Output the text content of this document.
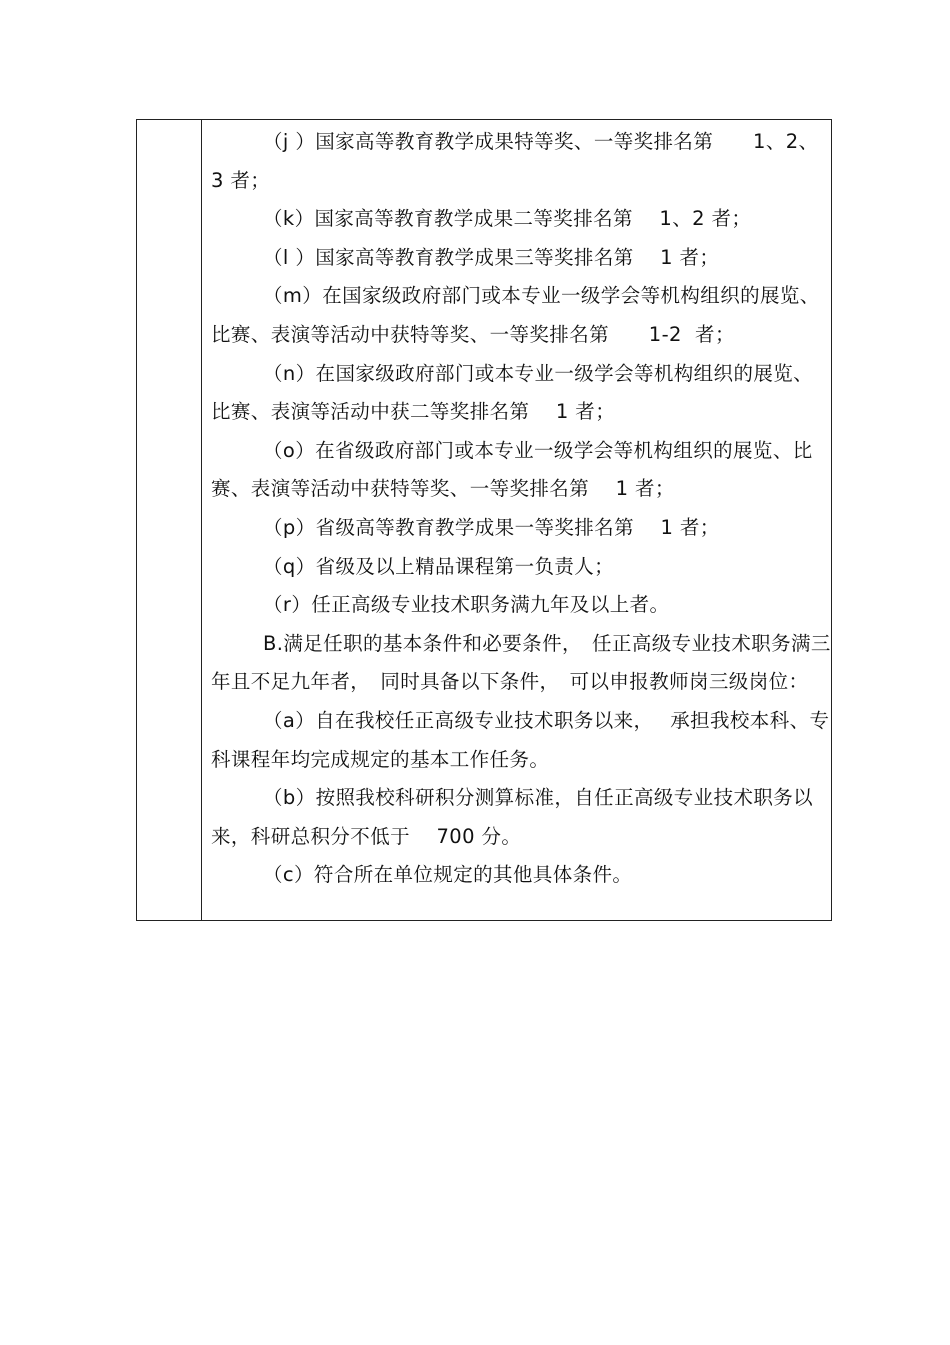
（j ）国家高等教育教学成果特等奖、一等奖排名第　　1、2、3 者；

（k）国家高等教育教学成果二等奖排名第　 1、2 者；

（l ）国家高等教育教学成果三等奖排名第　 1 者；

（m）在国家级政府部门或本专业一级学会等机构组织的展览、比赛、表演等活动中获特等奖、一等奖排名第　　1-2  者；

（n）在国家级政府部门或本专业一级学会等机构组织的展览、比赛、表演等活动中获二等奖排名第　 1 者；

（o）在省级政府部门或本专业一级学会等机构组织的展览、比赛、表演等活动中获特等奖、一等奖排名第　 1 者；

（p）省级高等教育教学成果一等奖排名第　 1 者；

（q）省级及以上精品课程第一负责人；

（r）任正高级专业技术职务满九年及以上者。

B.满足任职的基本条件和必要条件，　任正高级专业技术职务满三年且不足九年者，　同时具备以下条件，　可以申报教师岗三级岗位：

（a）自在我校任正高级专业技术职务以来，　 承担我校本科、专科课程年均完成规定的基本工作任务。

（b）按照我校科研积分测算标准，自任正高级专业技术职务以来，科研总积分不低于　 700 分。

（c）符合所在单位规定的其他具体条件。
